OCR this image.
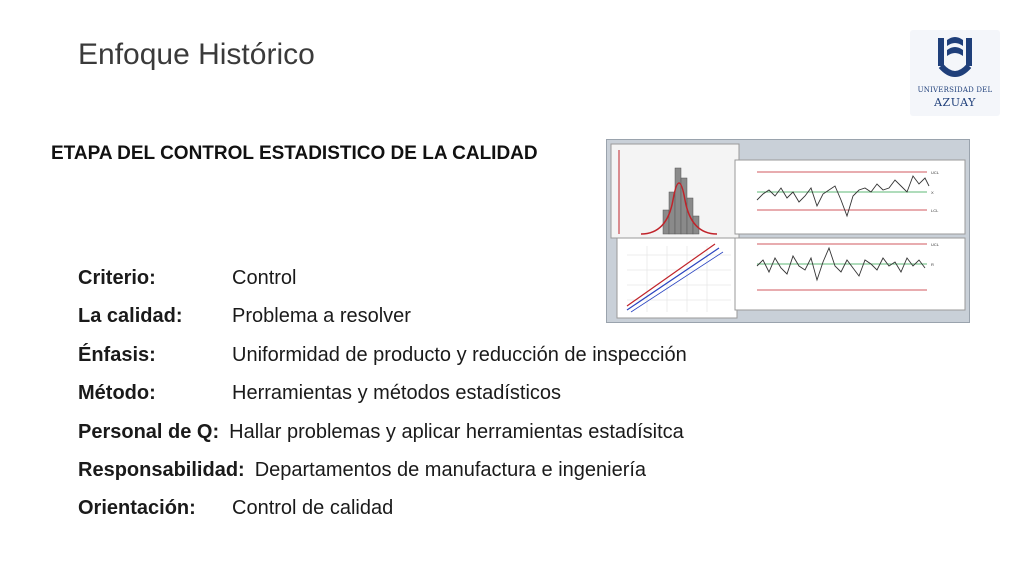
Enfoque Histórico
UNIVERSIDAD DEL
AZUAY
ETAPA DEL CONTROL ESTADISTICO DE LA CALIDAD
UCL
X
LCL
UCL
R
Criterio:	Control
La calidad:	Problema a resolver
Énfasis:	Uniformidad de producto y reducción de inspección
Método:	Herramientas y métodos estadísticos
Personal de Q: Hallar problemas y aplicar herramientas estadísitca
Responsabilidad: Departamentos de manufactura e ingeniería
Orientación:	Control de calidad
